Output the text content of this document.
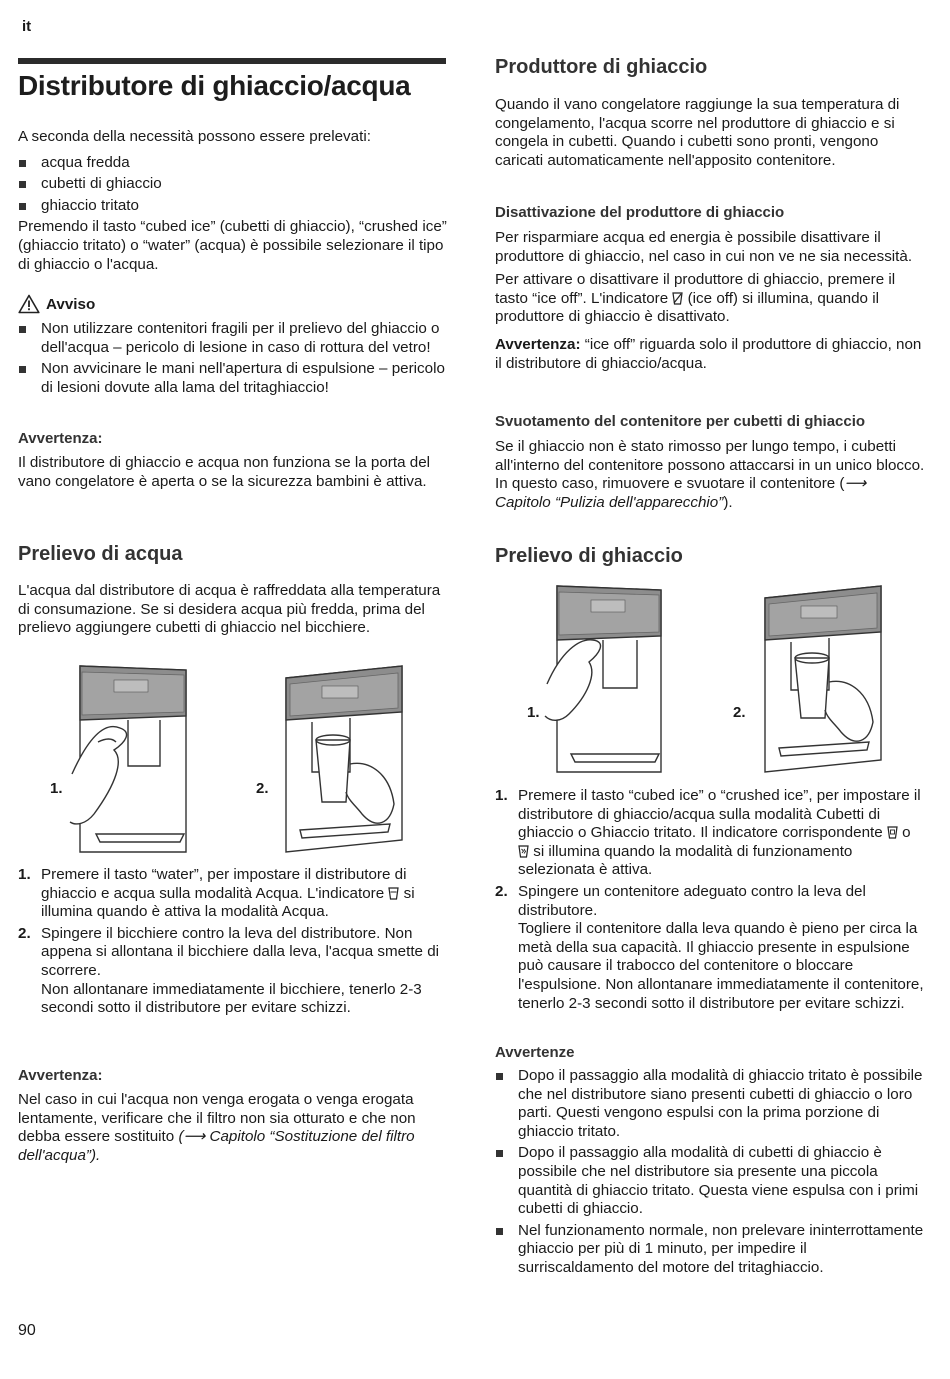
it
Distributore di ghiaccio/acqua

A seconda della necessità possono essere prelevati:

acqua fredda
cubetti di ghiaccio
ghiaccio tritato

Premendo il tasto “cubed ice” (cubetti di ghiaccio), “crushed ice” (ghiaccio tritato) o “water” (acqua) è possibile selezionare il tipo di ghiaccio o l'acqua.

Avviso
Non utilizzare contenitori fragili per il prelievo del ghiaccio o dell'acqua – pericolo di lesione in caso di rottura del vetro!
Non avvicinare le mani nell'apertura di espulsione – pericolo di lesioni dovute alla lama del tritaghiaccio!
Avvertenza:

Il distributore di ghiaccio e acqua non funziona se la porta del vano congelatore è aperta o se la sicurezza bambini è attiva.

Prelievo di acqua

L'acqua dal distributore di acqua è raffreddata alla temperatura di consumazione. Se si desidera acqua più fredda, prima del prelievo aggiungere cubetti di ghiaccio nel bicchiere.

1.	2.
1. Premere il tasto “water”, per impostare il distributore di ghiaccio e acqua sulla modalità Acqua. L'indicatore si illumina quando è attiva la modalità Acqua.
2. Spingere il bicchiere contro la leva del distributore. Non appena si allontana il bicchiere dalla leva, l'acqua smette di scorrere.
Non allontanare immediatamente il bicchiere, tenerlo 2-3 secondi sotto il distributore per evitare schizzi.
Avvertenza:

Nel caso in cui l'acqua non venga erogata o venga erogata lentamente, verificare che il filtro non sia otturato e che non debba essere sostituito (⟶ Capitolo “Sostituzione del filtro dell'acqua”).

Produttore di ghiaccio

Quando il vano congelatore raggiunge la sua temperatura di congelamento, l'acqua scorre nel produttore di ghiaccio e si congela in cubetti. Quando i cubetti sono pronti, vengono caricati automaticamente nell'apposito contenitore.

Disattivazione del produttore di ghiaccio

Per risparmiare acqua ed energia è possibile disattivare il produttore di ghiaccio, nel caso in cui non ve ne sia necessità.

Per attivare o disattivare il produttore di ghiaccio, premere il tasto “ice off”. L'indicatore (ice off) si illumina, quando il produttore di ghiaccio è disattivato.

Avvertenza: “ice off” riguarda solo il produttore di ghiaccio, non il distributore di ghiaccio/acqua.

Svuotamento del contenitore per cubetti di ghiaccio

Se il ghiaccio non è stato rimosso per lungo tempo, i cubetti all'interno del contenitore possono attaccarsi in un unico blocco. In questo caso, rimuovere e svuotare il contenitore (⟶ Capitolo “Pulizia dell'apparecchio”).

Prelievo di ghiaccio
1.	2.
1. Premere il tasto “cubed ice” o “crushed ice”, per impostare il distributore di ghiaccio/acqua sulla modalità Cubetti di ghiaccio o Ghiaccio tritato. Il indicatore corrispondente o  si illumina quando la modalità di funzionamento selezionata è attiva.
2. Spingere un contenitore adeguato contro la leva del distributore.
Togliere il contenitore dalla leva quando è pieno per circa la metà della sua capacità. Il ghiaccio presente in espulsione può causare il trabocco del contenitore o bloccare l'espulsione. Non allontanare immediatamente il contenitore, tenerlo 2-3 secondi sotto il distributore per evitare schizzi.
Avvertenze
Dopo il passaggio alla modalità di ghiaccio tritato è possibile che nel distributore siano presenti cubetti di ghiaccio o loro parti. Questi vengono espulsi con la prima porzione di ghiaccio tritato.
Dopo il passaggio alla modalità di cubetti di ghiaccio è possibile che nel distributore sia presente una piccola quantità di ghiaccio tritato. Questa viene espulsa con i primi cubetti di ghiaccio.
Nel funzionamento normale, non prelevare ininterrottamente ghiaccio per più di 1 minuto, per impedire il surriscaldamento del motore del tritaghiaccio.
90
